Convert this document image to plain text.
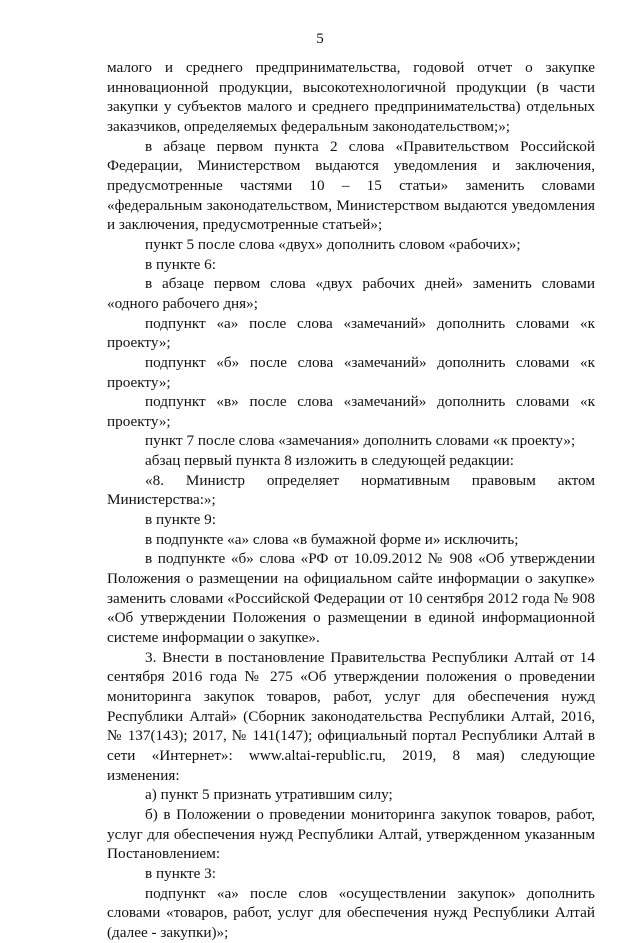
5

малого и среднего предпринимательства, годовой отчет о закупке инновационной продукции, высокотехнологичной продукции (в части закупки у субъектов малого и среднего предпринимательства) отдельных заказчиков, определяемых федеральным законодательством;»;

в абзаце первом пункта 2 слова «Правительством Российской Федерации, Министерством выдаются уведомления и заключения, предусмотренные частями 10 – 15 статьи» заменить словами «федеральным законодательством, Министерством выдаются уведомления и заключения, предусмотренные статьей»;

пункт 5 после слова «двух» дополнить словом «рабочих»;

в пункте 6:

в абзаце первом слова «двух рабочих дней» заменить словами «одного рабочего дня»;

подпункт «а» после слова «замечаний» дополнить словами «к проекту»;

подпункт «б» после слова «замечаний» дополнить словами «к проекту»;

подпункт «в» после слова «замечаний» дополнить словами «к проекту»;

пункт 7 после слова «замечания» дополнить словами «к проекту»;

абзац первый пункта 8 изложить в следующей редакции:

«8. Министр определяет нормативным правовым актом Министерства:»;

в пункте 9:

в подпункте «а» слова «в бумажной форме и» исключить;

в подпункте «б» слова «РФ от 10.09.2012 № 908 «Об утверждении Положения о размещении на официальном сайте информации о закупке» заменить словами «Российской Федерации от 10 сентября 2012 года № 908 «Об утверждении Положения о размещении в единой информационной системе информации о закупке».

3. Внести в постановление Правительства Республики Алтай от 14 сентября 2016 года № 275 «Об утверждении положения о проведении мониторинга закупок товаров, работ, услуг для обеспечения нужд Республики Алтай» (Сборник законодательства Республики Алтай, 2016, № 137(143); 2017, № 141(147); официальный портал Республики Алтай в сети «Интернет»: www.altai-republic.ru, 2019, 8 мая) следующие изменения:

а) пункт 5 признать утратившим силу;

б) в Положении о проведении мониторинга закупок товаров, работ, услуг для обеспечения нужд Республики Алтай, утвержденном указанным Постановлением:

в пункте 3:

подпункт «а» после слов «осуществлении закупок» дополнить словами «товаров, работ, услуг для обеспечения нужд Республики Алтай (далее - закупки)»;
